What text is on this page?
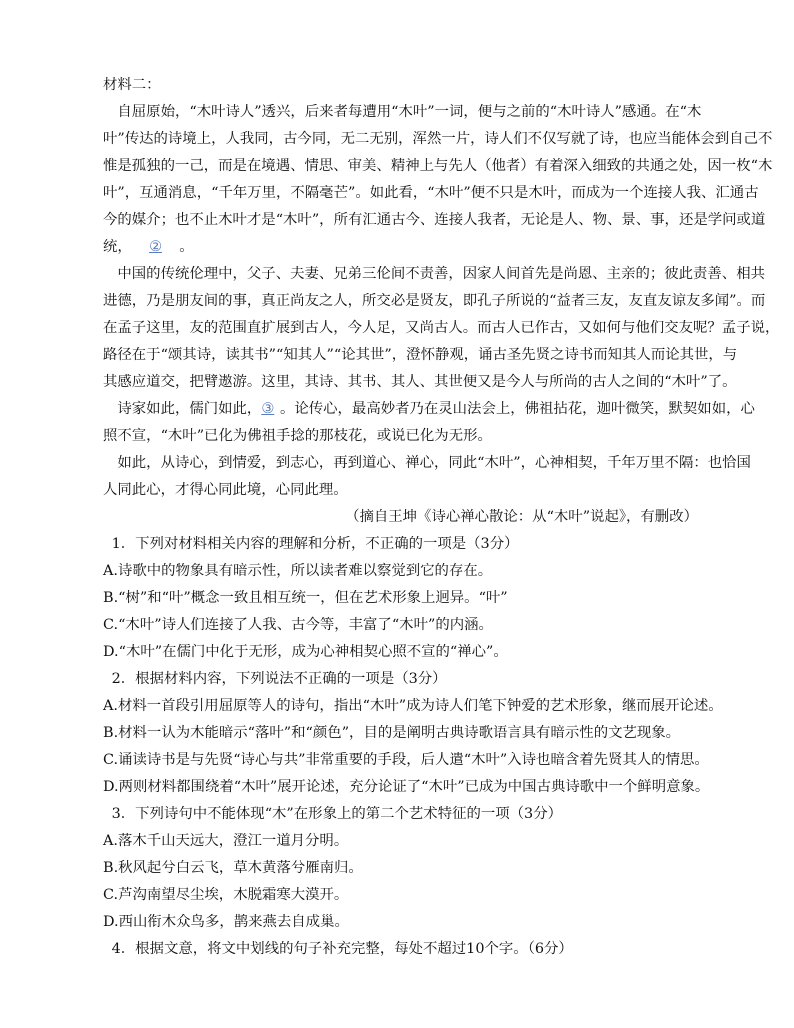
材料二：
自屈原始，“木叶诗人”透兴，后来者每遭用“木叶”一词，便与之前的“木叶诗人”感通。在“木
叶”传达的诗境上，人我同，古今同，无二无别，浑然一片，诗人们不仅写就了诗，也应当能体会到自己不
惟是孤独的一己，而是在境遇、情思、审美、精神上与先人（他者）有着深入细致的共通之处，因一枚“木
叶”，互通消息，“千年万里，不隔毫芒”。如此看，“木叶”便不只是木叶，而成为一个连接人我、汇通古
今的媒介；也不止木叶才是“木叶”，所有汇通古今、连接人我者，无论是人、物、景、事，还是学问或道
统， ② 。
中国的传统伦理中，父子、夫妻、兄弟三伦间不责善，因家人间首先是尚恩、主亲的；彼此责善、相共
进德，乃是朋友间的事，真正尚友之人，所交必是贤友，即孔子所说的“益者三友，友直友谅友多闻”。而
在孟子这里，友的范围直扩展到古人，今人足，又尚古人。而古人已作古，又如何与他们交友呢？孟子说，
路径在于“颂其诗，读其书”“知其人”“论其世”，澄怀静观，诵古圣先贤之诗书而知其人而论其世，与
其感应道交，把臂遨游。这里，其诗、其书、其人、其世便又是今人与所尚的古人之间的“木叶”了。
诗家如此，儒门如此，③ 。论传心，最高妙者乃在灵山法会上，佛祖拈花，迦叶微笑，默契如如，心
照不宣，“木叶”已化为佛祖手捻的那枝花，或说已化为无形。
如此，从诗心，到情爱，到志心，再到道心、禅心，同此“木叶”，心神相契，千年万里不隔：也恰国
人同此心，才得心同此境，心同此理。
（摘自王坤《诗心禅心散论：从“木叶”说起》，有删改）
1．下列对材料相关内容的理解和分析，不正确的一项是（3分）
A.诗歌中的物象具有暗示性，所以读者难以察觉到它的存在。
B.“树”和“叶”概念一致且相互统一，但在艺术形象上迥异。“叶”
C.“木叶”诗人们连接了人我、古今等，丰富了“木叶”的内涵。
D.“木叶”在儒门中化于无形，成为心神相契心照不宣的“禅心”。
2．根据材料内容，下列说法不正确的一项是（3分）
A.材料一首段引用屈原等人的诗句，指出“木叶”成为诗人们笔下钟爱的艺术形象，继而展开论述。
B.材料一认为木能暗示“落叶”和“颜色”，目的是阐明古典诗歌语言具有暗示性的文艺现象。
C.诵读诗书是与先贤“诗心与共”非常重要的手段，后人遣“木叶”入诗也暗含着先贤其人的情思。
D.两则材料都围绕着“木叶”展开论述，充分论证了“木叶”已成为中国古典诗歌中一个鲜明意象。
3．下列诗句中不能体现“木”在形象上的第二个艺术特征的一项（3分）
A.落木千山天远大，澄江一道月分明。
B.秋风起兮白云飞，草木黄落兮雁南归。
C.芦沟南望尽尘埃，木脱霜寒大漠开。
D.西山衔木众鸟多，鹊来燕去自成巢。
4．根据文意，将文中划线的句子补充完整，每处不超过10个字。（6分）
